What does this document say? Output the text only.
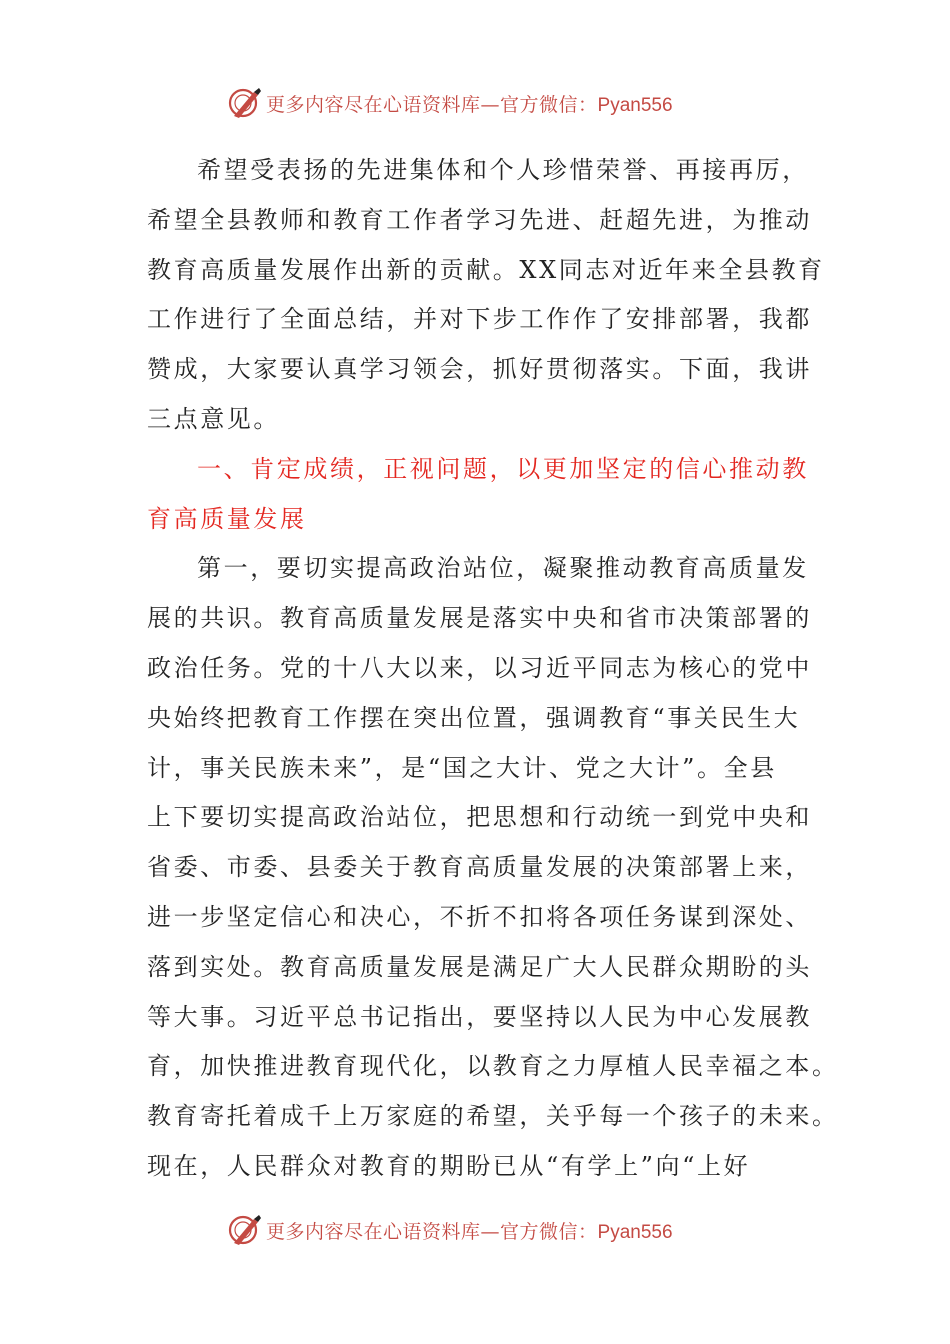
更多内容尽在心语资料库—官方微信：Pyan556
希望受表扬的先进集体和个人珍惜荣誉、再接再厉，
希望全县教师和教育工作者学习先进、赶超先进，为推动
教育高质量发展作出新的贡献。XX同志对近年来全县教育
工作进行了全面总结，并对下步工作作了安排部署，我都
赞成，大家要认真学习领会，抓好贯彻落实。下面，我讲
三点意见。
一、肯定成绩，正视问题，以更加坚定的信心推动教
育高质量发展
第一，要切实提高政治站位，凝聚推动教育高质量发
展的共识。教育高质量发展是落实中央和省市决策部署的
政治任务。党的十八大以来，以习近平同志为核心的党中
央始终把教育工作摆在突出位置，强调教育“事关民生大
计，事关民族未来”，是“国之大计、党之大计”。全县
上下要切实提高政治站位，把思想和行动统一到党中央和
省委、市委、县委关于教育高质量发展的决策部署上来，
进一步坚定信心和决心，不折不扣将各项任务谋到深处、
落到实处。教育高质量发展是满足广大人民群众期盼的头
等大事。习近平总书记指出，要坚持以人民为中心发展教
育，加快推进教育现代化，以教育之力厚植人民幸福之本。
教育寄托着成千上万家庭的希望，关乎每一个孩子的未来。
现在，人民群众对教育的期盼已从“有学上”向“上好
更多内容尽在心语资料库—官方微信：Pyan556
